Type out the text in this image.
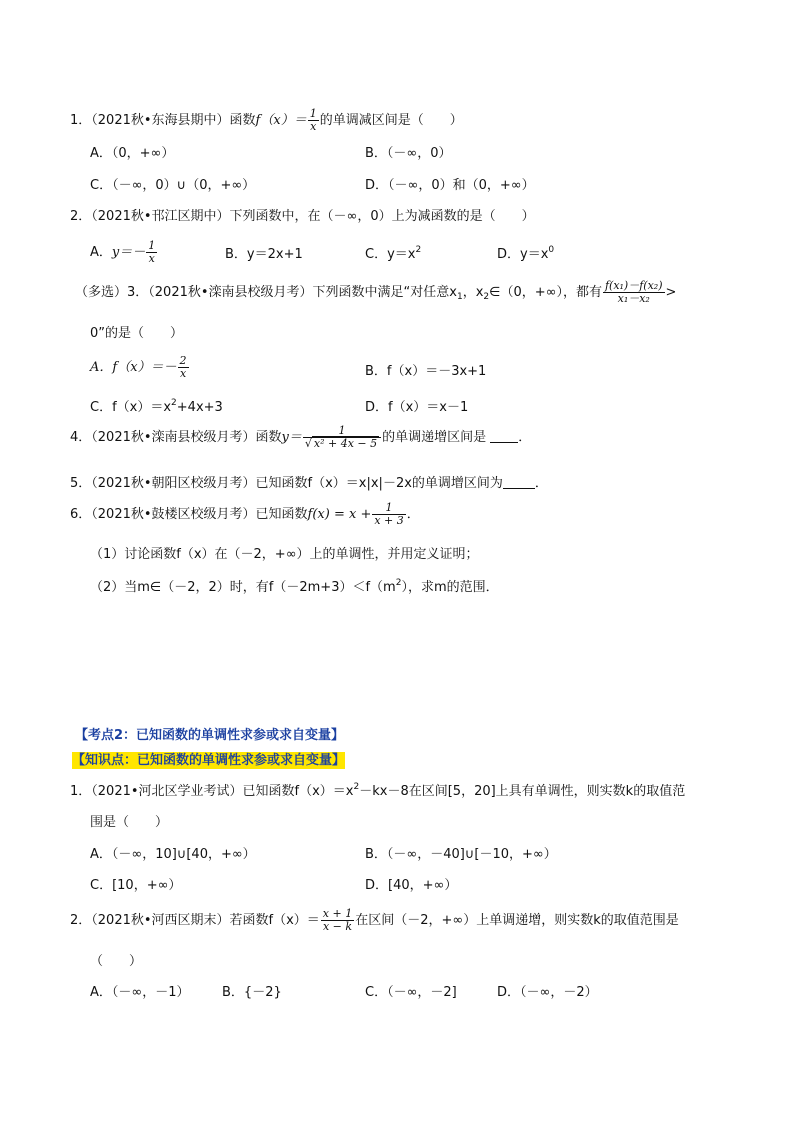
1．（2021秋•东海县期中）函数$f(x)= \frac{1}{x}$ 的单调减区间是（　　）
A．（0，+∞）	B．（－∞，0）
C．（－∞，0）∪（0，+∞）	D．（－∞，0）和（0，+∞）
2．（2021秋•邗江区期中）下列函数中，在（－∞，0）上为减函数的是（　　）
A．$y=- \frac{1}{x}$	B．y＝2x+1	C．$y=x^2$	D．$y=x^0$
（多选）3．（2021秋•滦南县校级月考）下列函数中满足“对任意$x_1$，$x_2\in(0$，+∞），都有 $\frac{\text{f(x₁)－f(x₂)}}{\text{x₁－x₂}}$ >
0”的是（　　）
A．$f(x)=- \frac{2}{x}$	B．f（x）＝－3x+1
C．$f(x)=x^2+4x+3$	D．f（x）＝x－1
4．（2021秋•滦南县校级月考）函数$y= \frac{1}{\text{√ x² + 4x − 5}}$ 的单调递增区间是 ．
5．（2021秋•朝阳区校级月考）已知函数f（x）＝x|x|－2x的单调增区间为 ．
6．（2021秋•鼓楼区校级月考）已知函数$f(x) = x + \frac{1}{x + 3}$ ．
（1）讨论函数f（x）在（－2，+∞）上的单调性，并用定义证明；
（2）当m∈（－2，2）时，有$f(-2m+3)<f(m^2)$，求m的范围．
【考点2：已知函数的单调性求参或求自变量】
【知识点：已知函数的单调性求参或求自变量】
1．（2021•河北区学业考试）已知函数$f(x)=x^2-kx-8$在区间[5，20]上具有单调性，则实数k的取值范
围是（　　）
A．（－∞，10]∪[40，+∞）	B．（－∞，－40]∪[－10，+∞）
C．[10，+∞）	D．[40，+∞）
2．（2021秋•河西区期末）若函数$f(x)= \frac{x + 1}{x - k}$ 在区间（－2，+∞）上单调递增，则实数k的取值范围是
（　　）
A．（－∞，－1）	B．{－2}	C．（－∞，－2]	D．（－∞，－2）
